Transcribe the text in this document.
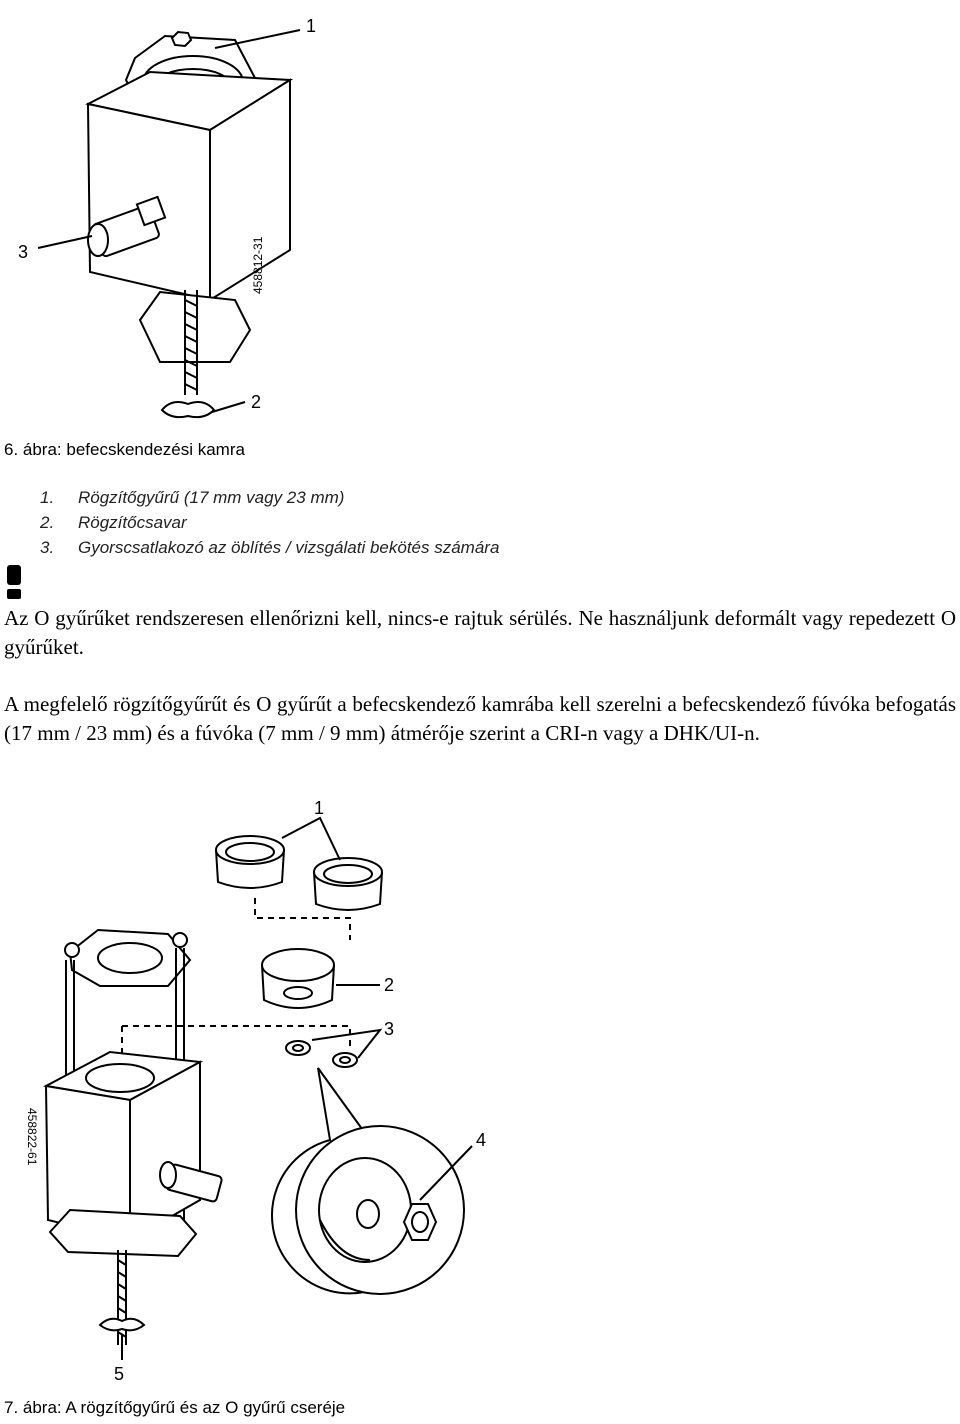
1
2
3	458812-31
6. ábra: befecskendezési kamra
1. Rögzítőgyűrű (17 mm vagy 23 mm)
2. Rögzítőcsavar
3. Gyorscsatlakozó az öblítés / vizsgálati bekötés számára
Az O gyűrűket rendszeresen ellenőrizni kell, nincs-e rajtuk sérülés. Ne használjunk deformált vagy repedezett O gyűrűket.
A megfelelő rögzítőgyűrűt és O gyűrűt a befecskendező kamrába kell szerelni a befecskendező fúvóka befogatás (17 mm / 23 mm) és a fúvóka (7 mm / 9 mm) átmérője szerint a CRI-n vagy a DHK/UI-n.
1
2
3
4
5
458822-61
7. ábra: A rögzítőgyűrű és az O gyűrű cseréje
